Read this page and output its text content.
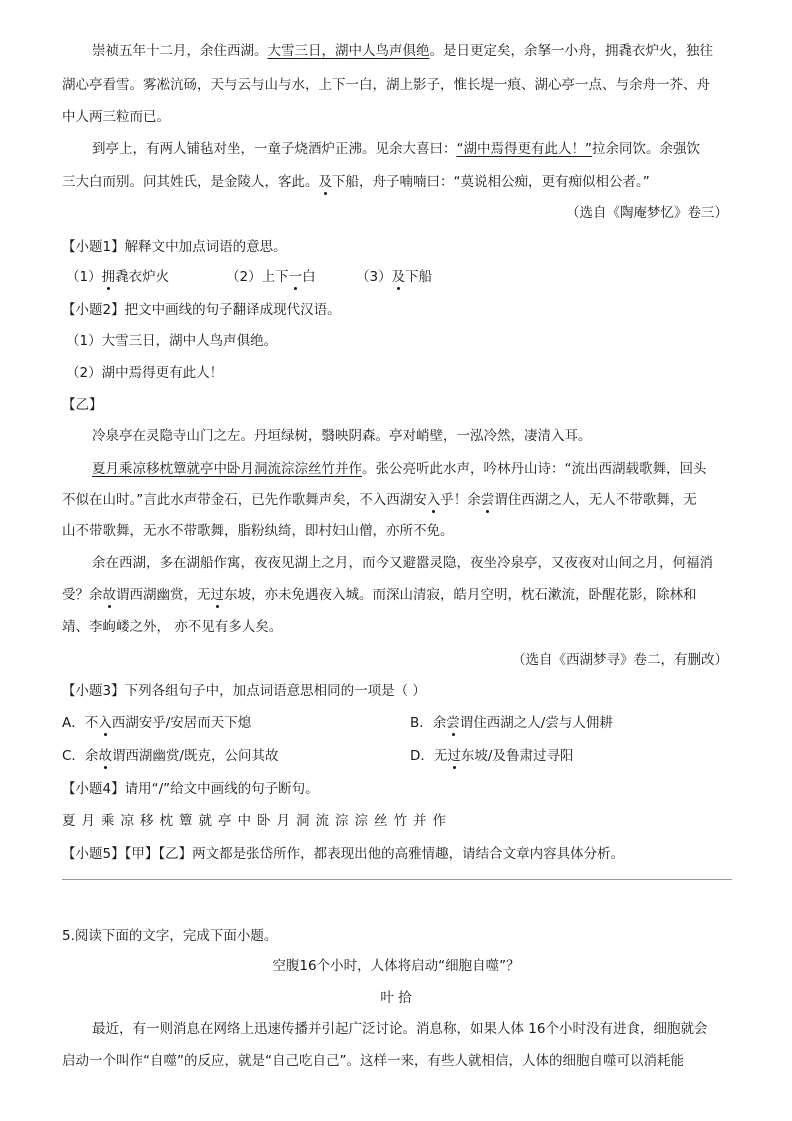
崇祯五年十二月，余住西湖。大雪三日，湖中人鸟声俱绝。是日更定矣，余拏一小舟，拥毳衣炉火，独往
湖心亭看雪。雾凇沆砀，天与云与山与水，上下一白，湖上影子，惟长堤一痕、湖心亭一点、与余舟一芥、舟
中人两三粒而已。
到亭上，有两人铺毡对坐，一童子烧酒炉正沸。见余大喜曰：“湖中焉得更有此人！”拉余同饮。余强饮
三大白而别。问其姓氏，是金陵人，客此。及下船，舟子喃喃曰：“莫说相公痴，更有痴似相公者。”
（选自《陶庵梦忆》卷三）
【小题1】解释文中加点词语的意思。
（1）拥毳衣炉火	（2）上下一白	（3）及下船
【小题2】把文中画线的句子翻译成现代汉语。
（1）大雪三日，湖中人鸟声俱绝。
（2）湖中焉得更有此人！
【乙】
冷泉亭在灵隐寺山门之左。丹垣绿树，翳映阴森。亭对峭壁，一泓冷然，凄清入耳。
夏月乘凉移枕簟就亭中卧月洞流淙淙丝竹并作。张公亮听此水声，吟林丹山诗：“流出西湖载歌舞，回头
不似在山时。”言此水声带金石，已先作歌舞声矣，不入西湖安入乎！余尝谓住西湖之人，无人不带歌舞，无
山不带歌舞，无水不带歌舞，脂粉纨绮，即村妇山僧，亦所不免。
余在西湖，多在湖船作寓，夜夜见湖上之月，而今又避嚣灵隐，夜坐冷泉亭，又夜夜对山间之月，何福消
受？余故谓西湖幽赏，无过东坡，亦未免遇夜入城。而深山清寂，皓月空明，枕石漱流，卧醒花影，除林和
靖、李岣嵝之外， 亦不见有多人矣。
（选自《西湖梦寻》卷二，有删改）
【小题3】下列各组句子中，加点词语意思相同的一项是（ ）
A．不入西湖安乎/安居而天下熄	B．余尝谓住西湖之人/尝与人佣耕
C．余故谓西湖幽赏/既克，公问其故	D．无过东坡/及鲁肃过寻阳
【小题4】请用“/”给文中画线的句子断句。
夏月乘凉移枕簟就亭中卧月洞流淙淙丝竹并作
【小题5】【甲】【乙】两文都是张岱所作，都表现出他的高雅情趣，请结合文章内容具体分析。
5.阅读下面的文字，完成下面小题。
空腹16个小时，人体将启动“细胞自噬”？
叶 拾
最近，有一则消息在网络上迅速传播并引起广泛讨论。消息称，如果人体 16个小时没有进食，细胞就会
启动一个叫作“自噬”的反应，就是“自己吃自己”。这样一来，有些人就相信，人体的细胞自噬可以消耗能
